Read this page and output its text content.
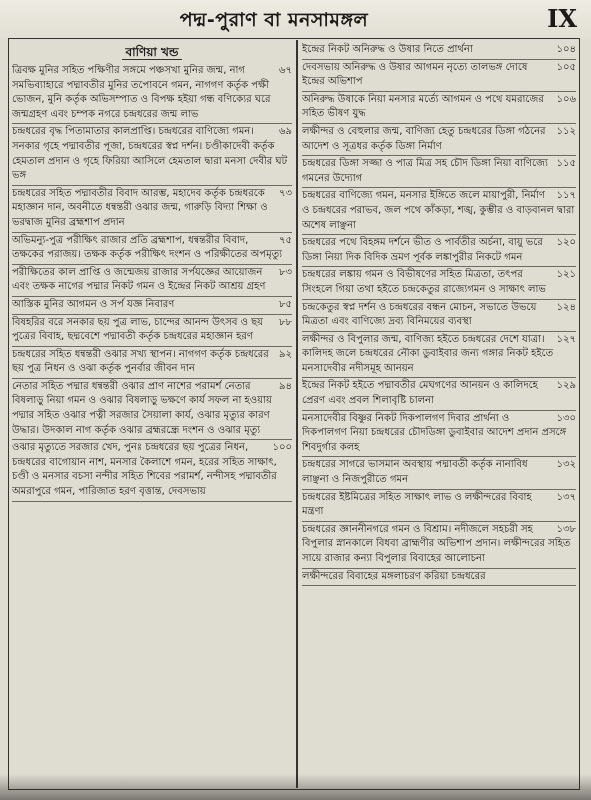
পদ্ম-পুরাণ বা মনসামঙ্গল	IX
বাণিয়া খন্ড
৬৭
ত্রিবক্ষ মুনির সহিত পক্ষিণীর সঙ্গমে পঞ্চসখা মুনির জন্ম, নাগ সমভিব্যাহারে পদ্মাবতীর মুনির তপোবনে গমন, নাগগণ কর্তৃক পক্ষী ভোজন, মুনি কর্তৃক অভিসম্পাত ও বিপক্ষ হইয়া গন্ধ বণিক্যের ঘরে জন্মগ্রহণ এবং চম্পক নগরে চন্দ্রধরের জন্ম লাভ
৬৯
চন্দ্রধরের বৃদ্ধ পিতামাতার কালপ্রাপ্তি। চন্দ্রধরের বাণিজ্যে গমন। সনকার গৃহে পদ্মাবতীর পূজা, চন্দ্রধরের স্বপ্ন দর্শন। চণ্ডীকাদেবী কর্তৃক হেমতাল প্রদান ও গৃহে ফিরিয়া আসিলে হেমতাল দ্বারা মনসা দেবীর ঘট ভঙ্গ
৭৩
চন্দ্রধরের সহিত পদ্মাবতীর বিবাদ আরম্ভ, মহাদেব কর্তৃক চন্দ্রধরকে মহাজ্ঞান দান, অবনীতে ধন্বন্তরী ওঝার জন্ম, গারুড়ি বিদ্যা শিক্ষা ও ভরদ্বাজ মুনির ব্রহ্মশাপ প্রদান
৭৫
অভিমন্যু-পুত্র পরীক্ষিৎ রাজার প্রতি ব্রহ্মশাপ, ধন্বন্তরীর বিবাদ, তক্ষকের পরাজয়। তক্ষক কর্তৃক পরীক্ষিৎ দংশন ও পরিক্ষীতের অপমৃত্যু
৮৩
পরীক্ষিতের কাল প্রাপ্তি ও জন্মেজয় রাজার সর্পযজ্ঞের আয়োজন এবং তক্ষক নাগের পদ্মার নিকট গমন ও ইন্দ্রের নিকট আশ্রয় গ্রহণ
৮৫
আস্তিক মুনির আগমন ও সর্প যজ্ঞ নিবারণ
৮৮
বিষহরির বরে সনকার ছয় পুত্র লাভ, চান্দের আনন্দ উৎসব ও ছয় পুত্রের বিবাহ, ছদ্মবেশে পদ্মাবতী কর্তৃক চন্দ্রধরের মহাজ্ঞান হরণ
৯২
চন্দ্রধরের সহিত ধন্বন্তরী ওঝার সখ্য স্থাপন। নাগগণ কর্তৃক চন্দ্রধরের ছয় পুত্র নিধন ও ওঝা কর্তৃক পুনর্বার জীবন দান
৯৪
নেতার সহিত পদ্মার ধন্বন্তরী ওঝার প্রাণ নাশের পরামর্শ নেতার বিষলাড়ু নিয়া গমন ও ওঝার বিষলাড়ু ভক্ষণে কার্য সফল না হওয়ায় পদ্মার সহিত ওঝার পত্নী সরজার সৈয়ালা কার্য, ওঝার মৃত্যুর কারণ উদ্ধার। উদকাল নাগ কর্তৃক ওঝার ব্রহ্মরন্ধ্রে দংশন ও ওঝার মৃত্যু
১০০
ওঝার মৃত্যুতে সরজার খেদ, পুনঃ চন্দ্রধরের ছয় পুত্রের নিধন, চন্দ্রধরের বাগোয়ান নাশ, মনসার কৈলাশে গমন, হরের সহিত সাক্ষাৎ, চণ্ডী ও মনসার বচসা নন্দীর সহিত শিবের পরামর্শ, নন্দীসহ পদ্মাবতীর অমরাপুরে গমন, পারিজাত হরণ বৃত্তান্ত, দেবসভায়
১০৪
ইন্দ্রের নিকট অনিরুদ্ধ ও উষার নিতে প্রার্থনা
১০৫
দেবসভায় অনিরুদ্ধ ও উষার আগমন নৃত্যে তালভঙ্গ দোষে ইন্দ্রের অভিশাপ
১০৬
অনিরুদ্ধ উষাকে নিয়া মনসার মর্ত্যে আগমন ও পথে যমরাজের সহিত ভীষণ যুদ্ধ
১১২
লক্ষীন্দর ও বেহুলার জন্ম, বাণিজ্য হেতু চন্দ্রধরের ডিঙ্গা গঠনের আদেশ ও সূত্রধর কর্তৃক ডিঙ্গা নির্মাণ
১১৫
চন্দ্রধরের ডিঙ্গা সজ্জা ও পাত্র মিত্র সহ চৌদ ডিঙ্গা নিয়া বাণিজ্যে গমনের উদ্যোগ
১১৭
চন্দ্রধরের বাণিজ্যে গমন, মনসার ইঙ্গিতে জলে মায়াপুরী, নির্মাণ ও চন্দ্রধরের পরাভব, জল পথে কাঁকড়া, শঙ্খ, কুম্ভীর ও বাড়বানল দ্বারা অশেষ লাঞ্ছনা
১২০
চন্দ্রধরের পথে বিহঙ্গম দর্শনে ভীত ও পার্বতীর অর্চনা, বায়ু ভরে ডিঙ্গা নিয়া দিক বিদিক ভ্রমণ পূর্বক লঙ্কাপুরীর নিকটে গমন
১২১
চন্দ্রধরের লঙ্কায় গমন ও বিভীষণের সহিত মিত্রতা, তৎপর সিংহলে গিয়া তথা হইতে চন্দ্রকেতুর রাজ্যেগমন ও সাক্ষাৎ লাভ
১২৪
চন্দ্রকেতুর স্বপ্ন দর্শন ও চন্দ্রধরের বন্ধন মোচন, সভাতে উভয়ে মিত্রতা এবং বাণিজ্যে দ্রব্য বিনিময়ের ব্যবস্থা
১২৭
লক্ষীন্দর ও বিপুলার জন্ম, বাণিজ্য হইতে চন্দ্রধরের দেশে যাত্রা। কালিদহ জলে চন্দ্রধরের নৌকা ডুবাইবার জন্য গঙ্গার নিকট হইতে মনসাদেবীর নদীসমূহ আনয়ন
১২৯
ইন্দ্রের নিকট হইতে পদ্মাবতীর মেঘগণের আনয়ন ও কালিদহে প্রেরণ এবং প্রবল শিলাবৃষ্টি চালনা
১৩০
মনসাদেবীর বিষ্ণুর নিকট দিকপালগণ দিবার প্রার্থনা ও দিকপালগণ নিয়া চন্দ্রধরের চৌদডিঙ্গা ডুবাইবার আদেশ প্রদান প্রসঙ্গে শিবদুর্গার কলহ
১৩২
চন্দ্রধরের সাগরে ভাসমান অবস্থায় পদ্মাবতী কর্তৃক নানাবিধ লাঞ্ছনা ও নিজপুরীতে গমন
১৩৭
চন্দ্রধরের ইষ্টমিত্রের সহিত সাক্ষাৎ লাভ ও লক্ষীন্দরের বিবাহ মন্ত্রণা
১৩৮
চন্দ্রধরের জ্ঞাননীনগরে গমন ও বিশ্রাম। নদীজলে সহচরী সহ বিপুলার স্নানকালে বিধবা ব্রাহ্মণীর অভিশাপ প্রদান। লক্ষীন্দরের সহিত সায়ে রাজার কন্যা বিপুলার বিবাহের আলোচনা
লক্ষীন্দরের বিবাহের মঙ্গলাচরণ করিয়া চন্দ্রধরের
